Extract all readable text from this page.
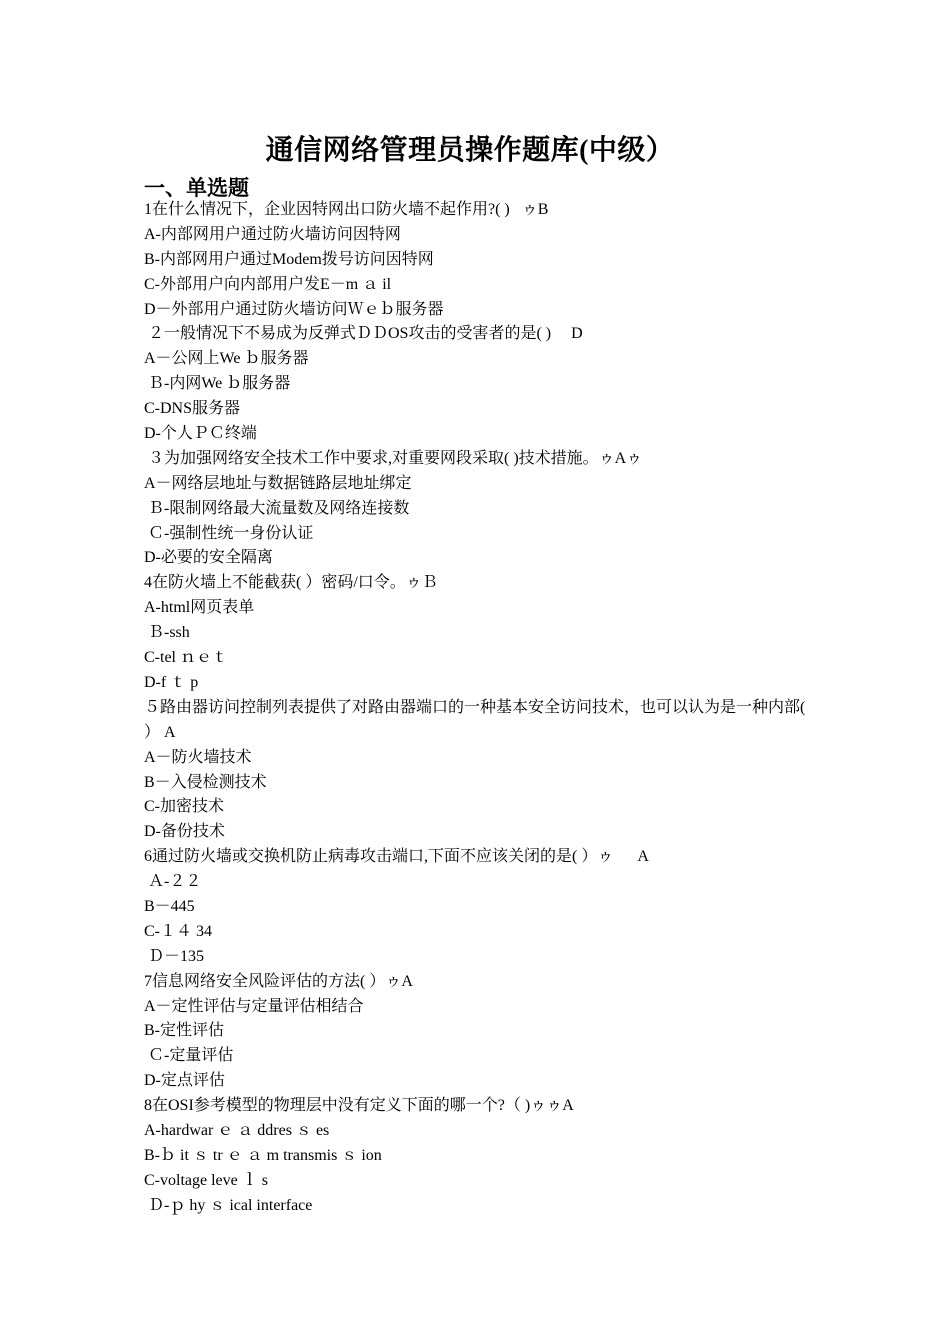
通信网络管理员操作题库(中级）
一、单选题
1在什么情况下，企业因特网出口防火墙不起作用?( )   ゥB
A-内部网用户通过防火墙访问因特网
B-内部网用户通过Modem拨号访问因特网
C-外部用户向内部用户发E－m ａ il
D－外部用户通过防火墙访问Ｗｅｂ服务器
２一般情况下不易成为反弹式ＤＤOS攻击的受害者的是( )     D
A－公网上We ｂ服务器
Ｂ-内网We ｂ服务器
C-DNS服务器
D-个人ＰＣ终端
３为加强网络安全技术工作中要求,对重要网段采取( )技术措施。ゥAゥ
A－网络层地址与数据链路层地址绑定
Ｂ-限制网络最大流量数及网络连接数
Ｃ-强制性统一身份认证
D-必要的安全隔离
4在防火墙上不能截获( ）密码/口令。ゥＢ
A-html网页表单
Ｂ-ssh
C-tel ｎｅｔ
D-f ｔ p
５路由器访问控制列表提供了对路由器端口的一种基本安全访问技术，也可以认为是一种内部( ） A
A－防火墙技术
B－入侵检测技术
C-加密技术
D-备份技术
6通过防火墙或交换机防止病毒攻击端口,下面不应该关闭的是( ）ゥ      A
Ａ-２２
B－445
C-１４ 34
Ｄ－135
7信息网络安全风险评估的方法( ）ゥA
A－定性评估与定量评估相结合
B-定性评估
Ｃ-定量评估
D-定点评估
8在OSI参考模型的物理层中没有定义下面的哪一个?（ )ゥゥA
A-hardwar ｅ ａ ddres ｓ es
B-ｂ it ｓ tr ｅ ａ m transmis ｓ ion
C-voltage leve ｌ s
Ｄ-ｐ hy ｓ ical interface
